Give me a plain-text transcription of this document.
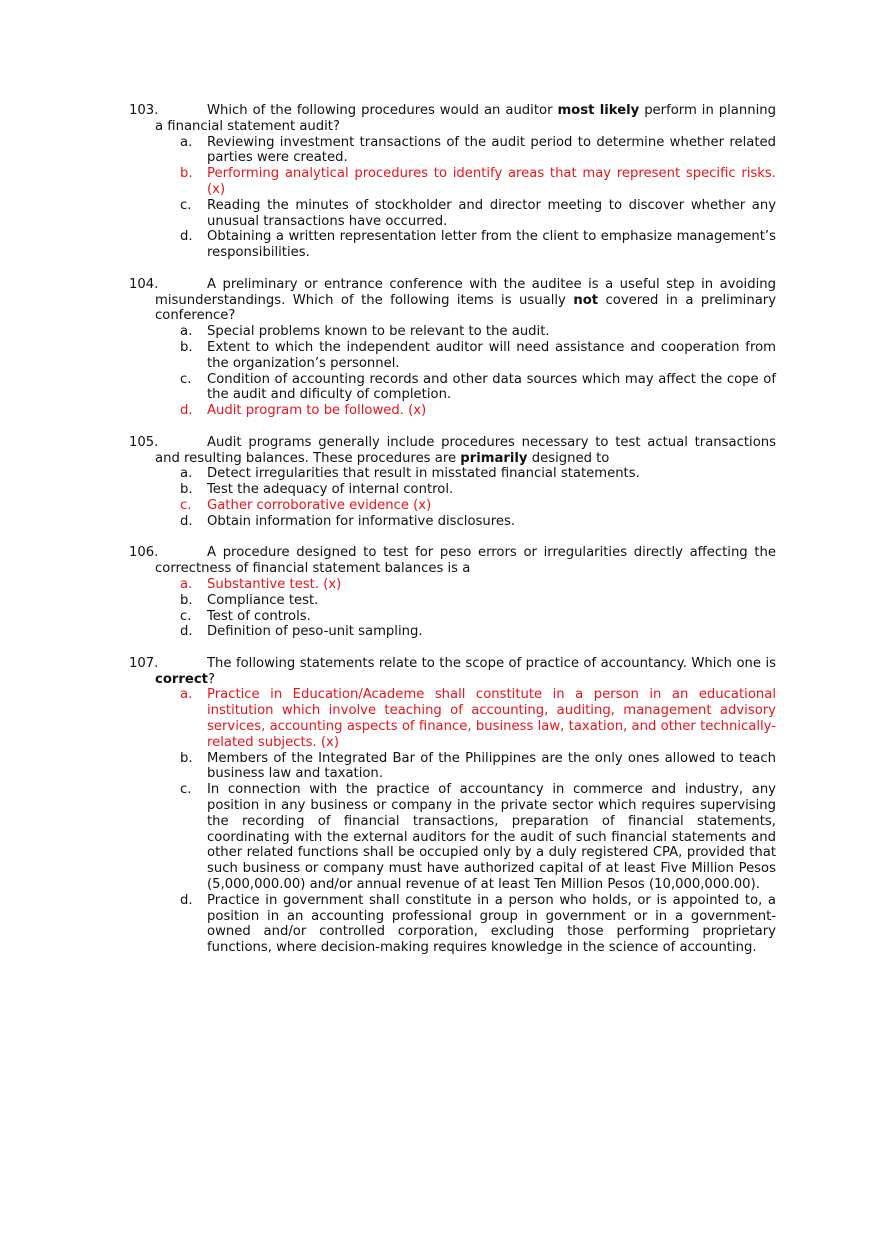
103.	Which of the following procedures would an auditor most likely perform in planning a financial statement audit?
a.	Reviewing investment transactions of the audit period to determine whether related parties were created.
b.	Performing analytical procedures to identify areas that may represent specific risks. (x)
c.	Reading the minutes of stockholder and director meeting to discover whether any unusual transactions have occurred.
d.	Obtaining a written representation letter from the client to emphasize management’s responsibilities.
104.	A preliminary or entrance conference with the auditee is a useful step in avoiding misunderstandings. Which of the following items is usually not covered in a preliminary conference?
a.	Special problems known to be relevant to the audit.
b.	Extent to which the independent auditor will need assistance and cooperation from the organization’s personnel.
c.	Condition of accounting records and other data sources which may affect the cope of the audit and dificulty of completion.
d.	Audit program to be followed. (x)
105.	Audit programs generally include procedures necessary to test actual transactions and resulting balances. These procedures are primarily designed to
a.	Detect irregularities that result in misstated financial statements.
b.	Test the adequacy of internal control.
c.	Gather corroborative evidence (x)
d.	Obtain information for informative disclosures.
106.	A procedure designed to test for peso errors or irregularities directly affecting the correctness of financial statement balances is a
a.	Substantive test. (x)
b.	Compliance test.
c.	Test of controls.
d.	Definition of peso-unit sampling.
107.	The following statements relate to the scope of practice of accountancy. Which one is correct?
a.	Practice in Education/Academe shall constitute in a person in an educational institution which involve teaching of accounting, auditing, management advisory services, accounting aspects of finance, business law, taxation, and other technically-related subjects. (x)
b.	Members of the Integrated Bar of the Philippines are the only ones allowed to teach business law and taxation.
c.	In connection with the practice of accountancy in commerce and industry, any position in any business or company in the private sector which requires supervising the recording of financial transactions, preparation of financial statements, coordinating with the external auditors for the audit of such financial statements and other related functions shall be occupied only by a duly registered CPA, provided that such business or company must have authorized capital of at least Five Million Pesos (5,000,000.00) and/or annual revenue of at least Ten Million Pesos (10,000,000.00).
d.	Practice in government shall constitute in a person who holds, or is appointed to, a position in an accounting professional group in government or in a government-owned and/or controlled corporation, excluding those performing proprietary functions, where decision-making requires knowledge in the science of accounting.
